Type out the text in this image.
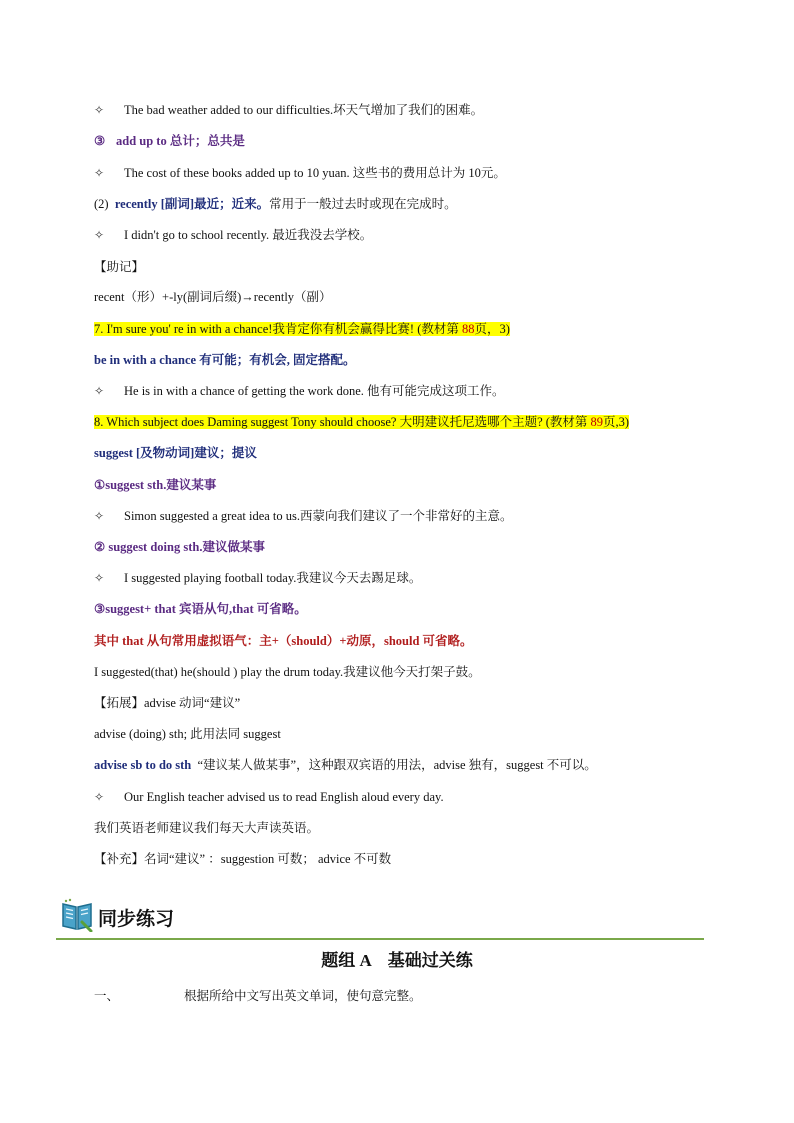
✧ The bad weather added to our difficulties.坏天气增加了我们的困难。
③ add up to 总计；总共是
✧ The cost of these books added up to 10 yuan. 这些书的费用总计为 10元。
(2) recently [副词]最近；近来。常用于一般过去时或现在完成时。
✧ I didn't go to school recently. 最近我没去学校。
【助记】
recent（形）+-ly(副词后缀)→recently（副）
7. I'm sure you' re in with a chance!我肯定你有机会赢得比赛! (教材第 88页，3)
be in with a chance 有可能；有机会, 固定搭配。
✧ He is in with a chance of getting the work done. 他有可能完成这项工作。
8. Which subject does Daming suggest Tony should choose? 大明建议托尼选哪个主题? (教材第 89页,3)
suggest [及物动词]建议；提议
①suggest sth.建议某事
✧ Simon suggested a great idea to us.西蒙向我们建议了一个非常好的主意。
② suggest doing sth.建议做某事
✧ I suggested playing football today.我建议今天去踢足球。
③suggest+ that 宾语从句,that 可省略。
其中 that 从句常用虚拟语气：主+（should）+动原，should 可省略。
I suggested(that) he(should ) play the drum today.我建议他今天打架子鼓。
【拓展】advise 动词“建议”
advise (doing) sth; 此用法同 suggest
advise sb to do sth “建议某人做某事”，这种跟双宾语的用法，advise 独有，suggest 不可以。
✧ Our English teacher advised us to read English aloud every day.
我们英语老师建议我们每天大声读英语。
【补充】名词“建议” ：suggestion 可数； advice 不可数
同步练习
题组 A　基础过关练
一、	根据所给中文写出英文单词，使句意完整。
